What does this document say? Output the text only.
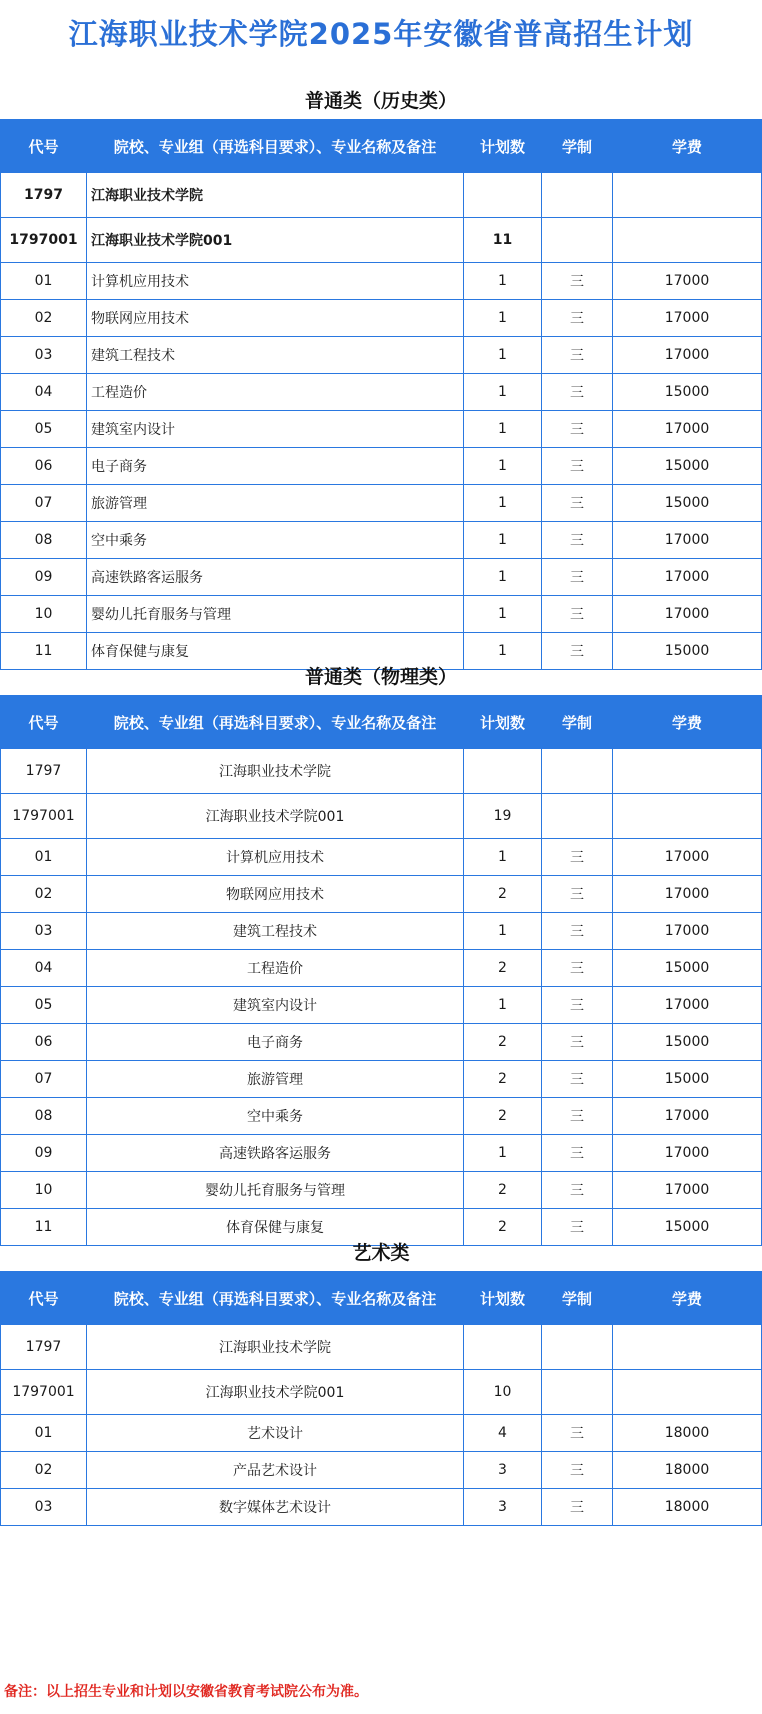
江海职业技术学院2025年安徽省普高招生计划
普通类（历史类）
代号	院校、专业组（再选科目要求）、专业名称及备注	计划数	学制	学费
1797	江海职业技术学院			
1797001	江海职业技术学院001	11		
01	计算机应用技术	1	三	17000
02	物联网应用技术	1	三	17000
03	建筑工程技术	1	三	17000
04	工程造价	1	三	15000
05	建筑室内设计	1	三	17000
06	电子商务	1	三	15000
07	旅游管理	1	三	15000
08	空中乘务	1	三	17000
09	高速铁路客运服务	1	三	17000
10	婴幼儿托育服务与管理	1	三	17000
11	体育保健与康复	1	三	15000
普通类（物理类）
代号	院校、专业组（再选科目要求）、专业名称及备注	计划数	学制	学费
1797	江海职业技术学院			
1797001	江海职业技术学院001	19		
01	计算机应用技术	1	三	17000
02	物联网应用技术	2	三	17000
03	建筑工程技术	1	三	17000
04	工程造价	2	三	15000
05	建筑室内设计	1	三	17000
06	电子商务	2	三	15000
07	旅游管理	2	三	15000
08	空中乘务	2	三	17000
09	高速铁路客运服务	1	三	17000
10	婴幼儿托育服务与管理	2	三	17000
11	体育保健与康复	2	三	15000
艺术类
代号	院校、专业组（再选科目要求）、专业名称及备注	计划数	学制	学费
1797	江海职业技术学院			
1797001	江海职业技术学院001	10		
01	艺术设计	4	三	18000
02	产品艺术设计	3	三	18000
03	数字媒体艺术设计	3	三	18000
备注：以上招生专业和计划以安徽省教育考试院公布为准。
